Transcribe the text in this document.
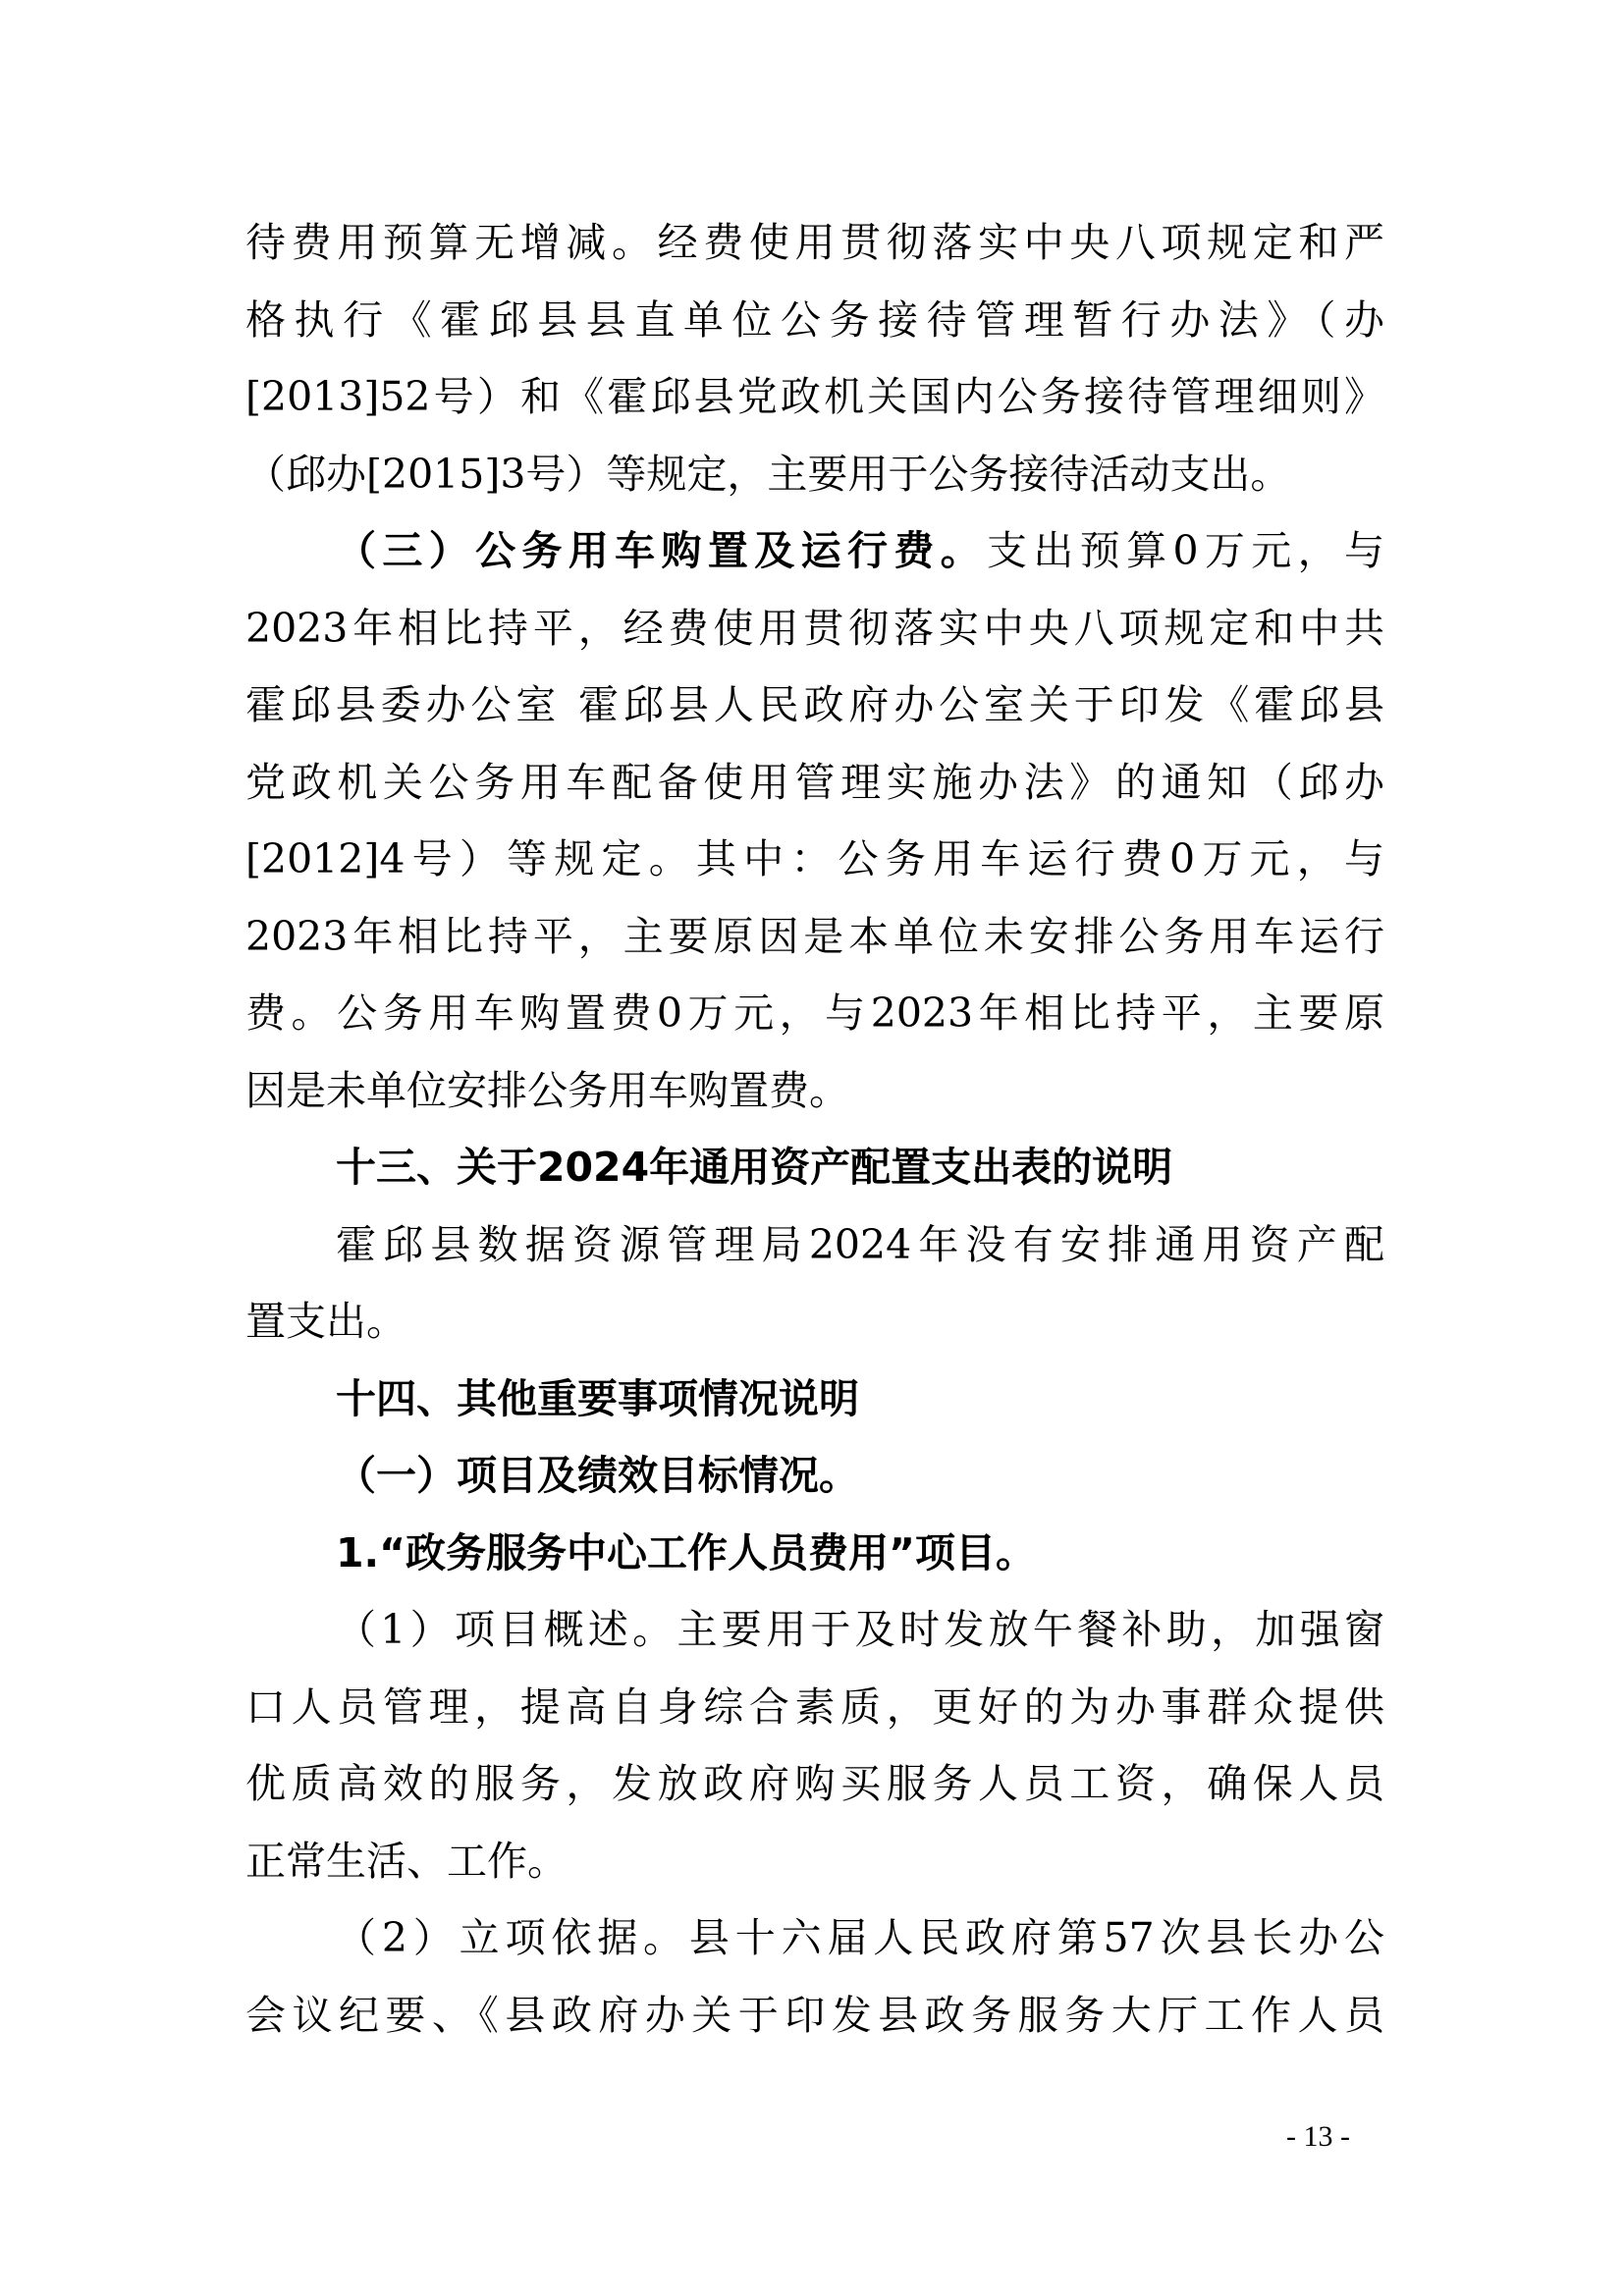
待费用预算无增减。经费使用贯彻落实中央八项规定和严
格执行《霍邱县县直单位公务接待管理暂行办法》（办
[2013]52号）和《霍邱县党政机关国内公务接待管理细则》
（邱办[2015]3号）等规定，主要用于公务接待活动支出。
（三）公务用车购置及运行费。支出预算0万元，与
2023年相比持平，经费使用贯彻落实中央八项规定和中共
霍邱县委办公室 霍邱县人民政府办公室关于印发《霍邱县
党政机关公务用车配备使用管理实施办法》的通知（邱办
[2012]4号）等规定。其中：公务用车运行费0万元，与
2023年相比持平，主要原因是本单位未安排公务用车运行
费。公务用车购置费0万元，与2023年相比持平，主要原
因是未单位安排公务用车购置费。
十三、关于2024年通用资产配置支出表的说明
霍邱县数据资源管理局2024年没有安排通用资产配
置支出。
十四、其他重要事项情况说明
（一）项目及绩效目标情况。
1.“政务服务中心工作人员费用”项目。
（1）项目概述。主要用于及时发放午餐补助，加强窗
口人员管理，提高自身综合素质，更好的为办事群众提供
优质高效的服务，发放政府购买服务人员工资，确保人员
正常生活、工作。
（2）立项依据。县十六届人民政府第57次县长办公
会议纪要、《县政府办关于印发县政务服务大厅工作人员
- 13 -
